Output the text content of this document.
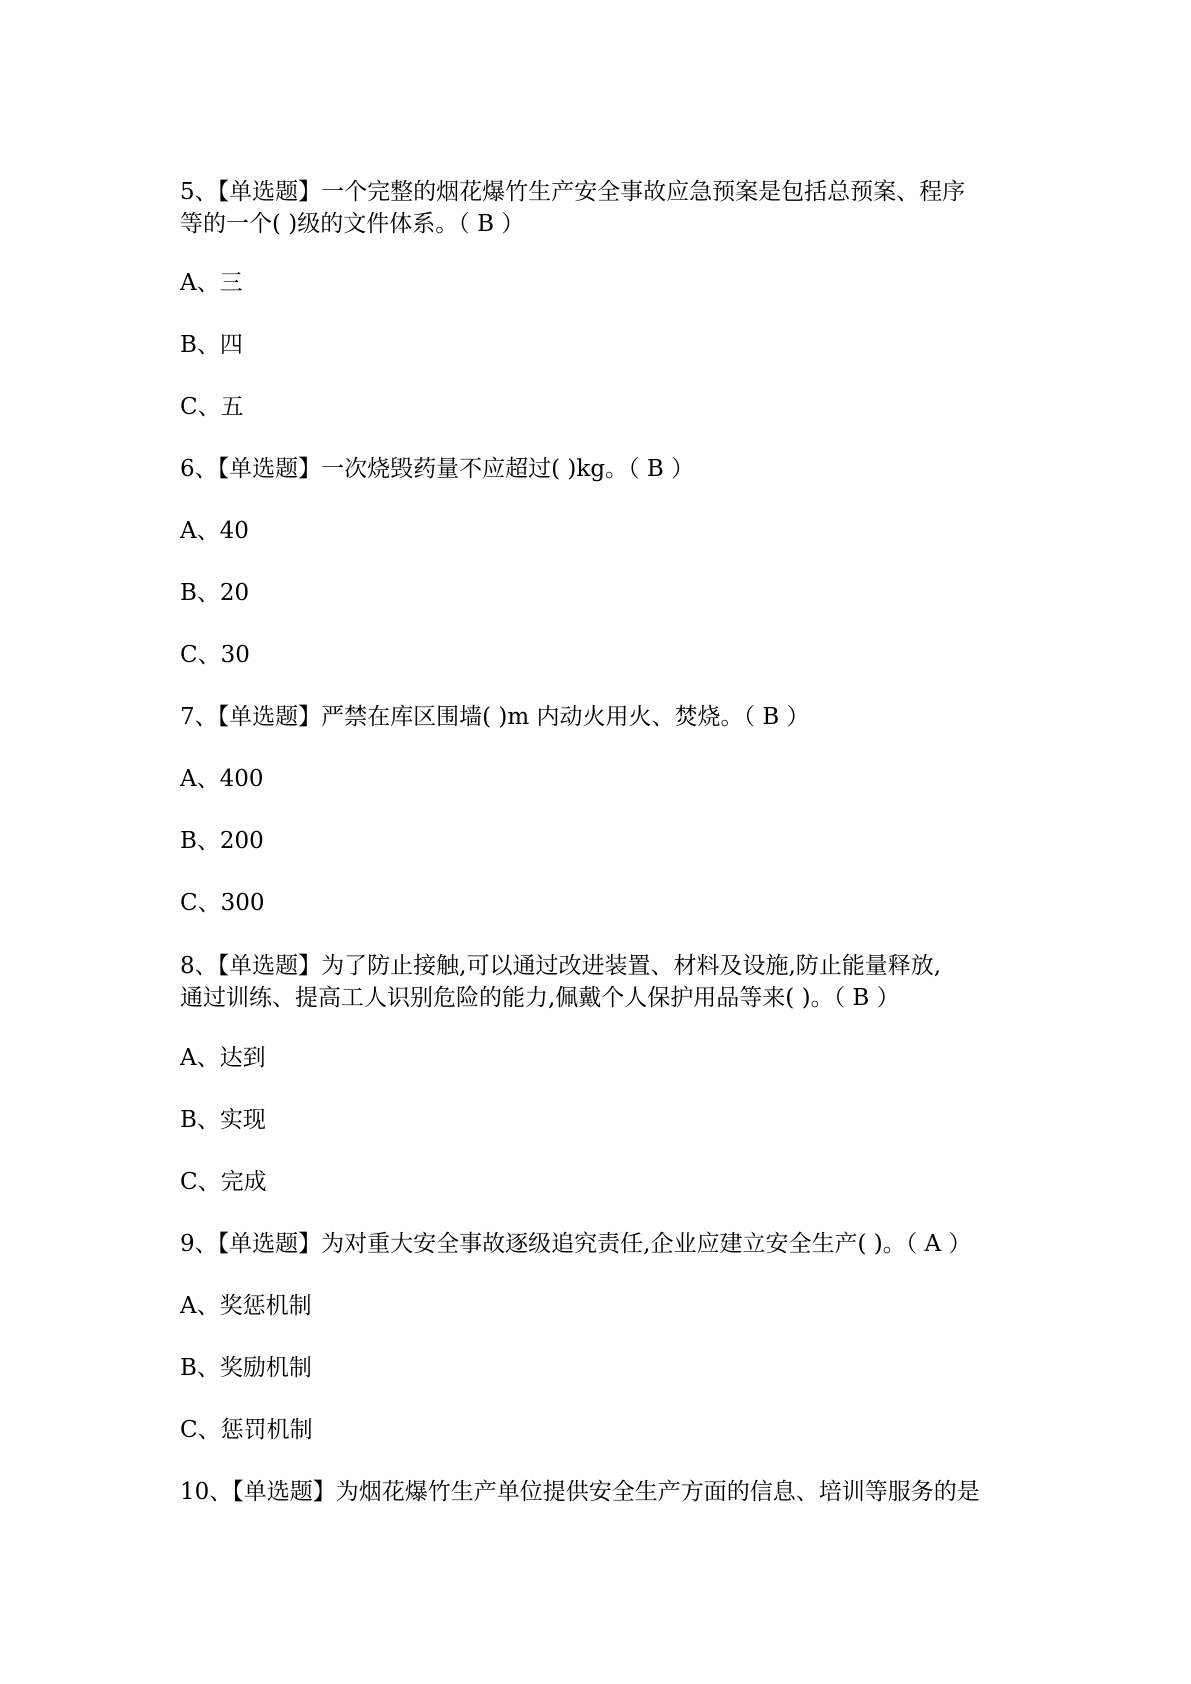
5、【单选题】一个完整的烟花爆竹生产安全事故应急预案是包括总预案、程序
等的一个( )级的文件体系。（ B ）
A、三
B、四
C、五
6、【单选题】一次烧毁药量不应超过( )kg。（ B ）
A、40
B、20
C、30
7、【单选题】严禁在库区围墙( )m 内动火用火、焚烧。（ B ）
A、400
B、200
C、300
8、【单选题】为了防止接触,可以通过改进装置、材料及设施,防止能量释放,
通过训练、提高工人识别危险的能力,佩戴个人保护用品等来( )。（ B ）
A、达到
B、实现
C、完成
9、【单选题】为对重大安全事故逐级追究责任,企业应建立安全生产( )。（ A ）
A、奖惩机制
B、奖励机制
C、惩罚机制
10、【单选题】为烟花爆竹生产单位提供安全生产方面的信息、培训等服务的是
